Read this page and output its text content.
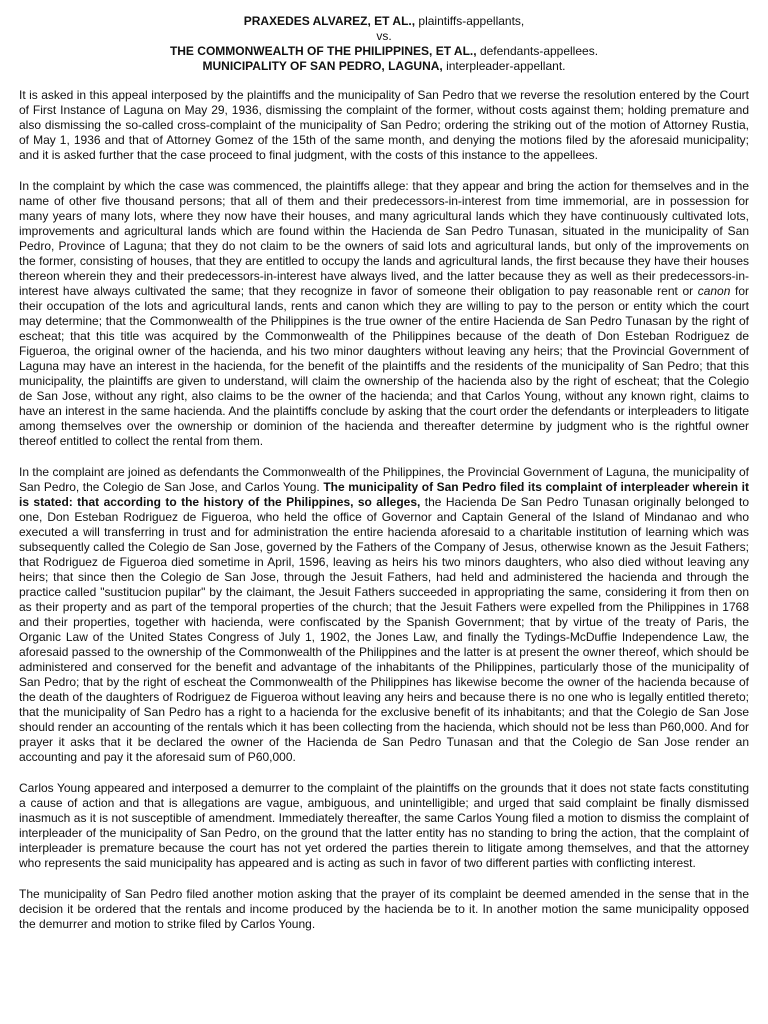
PRAXEDES ALVAREZ, ET AL., plaintiffs-appellants,
vs.
THE COMMONWEALTH OF THE PHILIPPINES, ET AL., defendants-appellees.
MUNICIPALITY OF SAN PEDRO, LAGUNA, interpleader-appellant.

It is asked in this appeal interposed by the plaintiffs and the municipality of San Pedro that we reverse the resolution entered by the Court of First Instance of Laguna on May 29, 1936, dismissing the complaint of the former, without costs against them; holding premature and also dismissing the so-called cross-complaint of the municipality of San Pedro; ordering the striking out of the motion of Attorney Rustia, of May 1, 1936 and that of Attorney Gomez of the 15th of the same month, and denying the motions filed by the aforesaid municipality; and it is asked further that the case proceed to final judgment, with the costs of this instance to the appellees.

In the complaint by which the case was commenced, the plaintiffs allege: that they appear and bring the action for themselves and in the name of other five thousand persons; that all of them and their predecessors-in-interest from time immemorial, are in possession for many years of many lots, where they now have their houses, and many agricultural lands which they have continuously cultivated lots, improvements and agricultural lands which are found within the Hacienda de San Pedro Tunasan, situated in the municipality of San Pedro, Province of Laguna; that they do not claim to be the owners of said lots and agricultural lands, but only of the improvements on the former, consisting of houses, that they are entitled to occupy the lands and agricultural lands, the first because they have their houses thereon wherein they and their predecessors-in-interest have always lived, and the latter because they as well as their predecessors-in-interest have always cultivated the same; that they recognize in favor of someone their obligation to pay reasonable rent or canon for their occupation of the lots and agricultural lands, rents and canon which they are willing to pay to the person or entity which the court may determine; that the Commonwealth of the Philippines is the true owner of the entire Hacienda de San Pedro Tunasan by the right of escheat; that this title was acquired by the Commonwealth of the Philippines because of the death of Don Esteban Rodriguez de Figueroa, the original owner of the hacienda, and his two minor daughters without leaving any heirs; that the Provincial Government of Laguna may have an interest in the hacienda, for the benefit of the plaintiffs and the residents of the municipality of San Pedro; that this municipality, the plaintiffs are given to understand, will claim the ownership of the hacienda also by the right of escheat; that the Colegio de San Jose, without any right, also claims to be the owner of the hacienda; and that Carlos Young, without any known right, claims to have an interest in the same hacienda. And the plaintiffs conclude by asking that the court order the defendants or interpleaders to litigate among themselves over the ownership or dominion of the hacienda and thereafter determine by judgment who is the rightful owner thereof entitled to collect the rental from them.

In the complaint are joined as defendants the Commonwealth of the Philippines, the Provincial Government of Laguna, the municipality of San Pedro, the Colegio de San Jose, and Carlos Young. The municipality of San Pedro filed its complaint of interpleader wherein it is stated: that according to the history of the Philippines, so alleges, the Hacienda De San Pedro Tunasan originally belonged to one, Don Esteban Rodriguez de Figueroa, who held the office of Governor and Captain General of the Island of Mindanao and who executed a will transferring in trust and for administration the entire hacienda aforesaid to a charitable institution of learning which was subsequently called the Colegio de San Jose, governed by the Fathers of the Company of Jesus, otherwise known as the Jesuit Fathers; that Rodriguez de Figueroa died sometime in April, 1596, leaving as heirs his two minors daughters, who also died without leaving any heirs; that since then the Colegio de San Jose, through the Jesuit Fathers, had held and administered the hacienda and through the practice called "sustitucion pupilar" by the claimant, the Jesuit Fathers succeeded in appropriating the same, considering it from then on as their property and as part of the temporal properties of the church; that the Jesuit Fathers were expelled from the Philippines in 1768 and their properties, together with hacienda, were confiscated by the Spanish Government; that by virtue of the treaty of Paris, the Organic Law of the United States Congress of July 1, 1902, the Jones Law, and finally the Tydings-McDuffie Independence Law, the aforesaid passed to the ownership of the Commonwealth of the Philippines and the latter is at present the owner thereof, which should be administered and conserved for the benefit and advantage of the inhabitants of the Philippines, particularly those of the municipality of San Pedro; that by the right of escheat the Commonwealth of the Philippines has likewise become the owner of the hacienda because of the death of the daughters of Rodriguez de Figueroa without leaving any heirs and because there is no one who is legally entitled thereto; that the municipality of San Pedro has a right to a hacienda for the exclusive benefit of its inhabitants; and that the Colegio de San Jose should render an accounting of the rentals which it has been collecting from the hacienda, which should not be less than P60,000. And for prayer it asks that it be declared the owner of the Hacienda de San Pedro Tunasan and that the Colegio de San Jose render an accounting and pay it the aforesaid sum of P60,000.

Carlos Young appeared and interposed a demurrer to the complaint of the plaintiffs on the grounds that it does not state facts constituting a cause of action and that is allegations are vague, ambiguous, and unintelligible; and urged that said complaint be finally dismissed inasmuch as it is not susceptible of amendment. Immediately thereafter, the same Carlos Young filed a motion to dismiss the complaint of interpleader of the municipality of San Pedro, on the ground that the latter entity has no standing to bring the action, that the complaint of interpleader is premature because the court has not yet ordered the parties therein to litigate among themselves, and that the attorney who represents the said municipality has appeared and is acting as such in favor of two different parties with conflicting interest.

The municipality of San Pedro filed another motion asking that the prayer of its complaint be deemed amended in the sense that in the decision it be ordered that the rentals and income produced by the hacienda be to it. In another motion the same municipality opposed the demurrer and motion to strike filed by Carlos Young.
